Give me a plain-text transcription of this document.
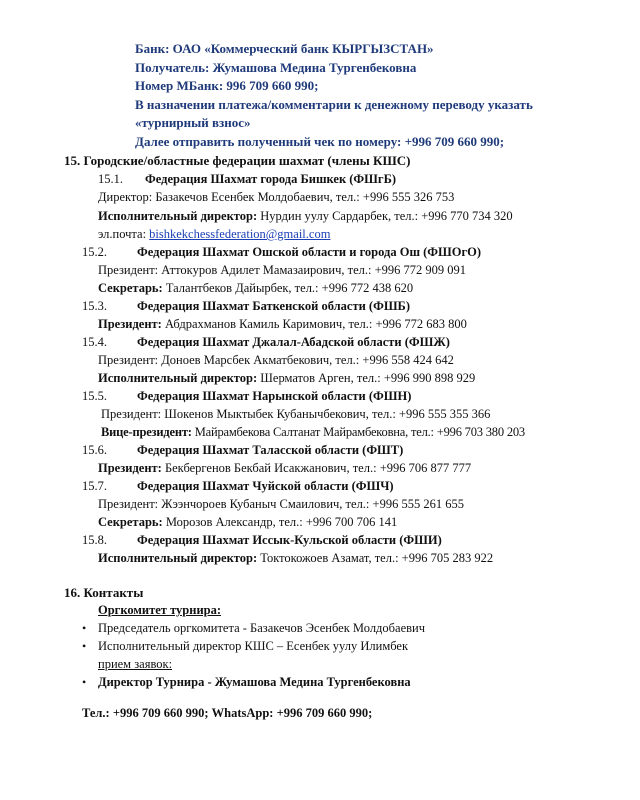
Банк: ОАО «Коммерческий банк КЫРГЫЗСТАН»
Получатель: Жумашова Медина Тургенбековна
Номер МБанк: 996 709 660 990;
В назначении платежа/комментарии к денежному переводу указать
«турнирный взнос»
Далее отправить полученный чек по номеру: +996 709 660 990;
15. Городские/областные федерации шахмат (члены КШС)
15.1. Федерация Шахмат города Бишкек (ФШгБ)
Директор: Базакечов Есенбек Молдобаевич, тел.: +996 555 326 753
Исполнительный директор: Нурдин уулу Сардарбек, тел.: +996 770 734 320
эл.почта: bishkekchessfederation@gmail.com
15.2. Федерация Шахмат Ошской области и города Ош (ФШОгО)
Президент: Аттокуров Адилет Мамазаирович, тел.: +996 772 909 091
Секретарь: Талантбеков Дайырбек, тел.: +996 772 438 620
15.3. Федерация Шахмат Баткенской области (ФШБ)
Президент: Абдрахманов Камиль Каримович, тел.: +996 772 683 800
15.4. Федерация Шахмат Джалал-Абадской области (ФШЖ)
Президент: Доноев Марсбек Акматбекович, тел.: +996 558 424 642
Исполнительный директор: Шерматов Арген, тел.: +996 990 898 929
15.5. Федерация Шахмат Нарынской области (ФШН)
Президент: Шокенов Мыктыбек Кубанычбекович, тел.: +996 555 355 366
Вице-президент: Майрамбекова Салтанат Майрамбековна, тел.: +996 703 380 203
15.6. Федерация Шахмат Таласской области (ФШТ)
Президент: Бекбергенов Бекбай Исакжанович, тел.: +996 706 877 777
15.7. Федерация Шахмат Чуйской области (ФШЧ)
Президент: Жээнчороев Кубаныч Смаилович, тел.: +996 555 261 655
Секретарь: Морозов Александр, тел.: +996 700 706 141
15.8. Федерация Шахмат Иссык-Кульской области (ФШИ)
Исполнительный директор: Токтокожоев Азамат, тел.: +996 705 283 922
16. Контакты
Оргкомитет турнира:
• Председатель оргкомитета - Базакечов Эсенбек Молдобаевич
• Исполнительный директор КШС – Есенбек уулу Илимбек
прием заявок:
• Директор Турнира - Жумашова Медина Тургенбековна
Тел.: +996 709 660 990; WhatsApp: +996 709 660 990;
